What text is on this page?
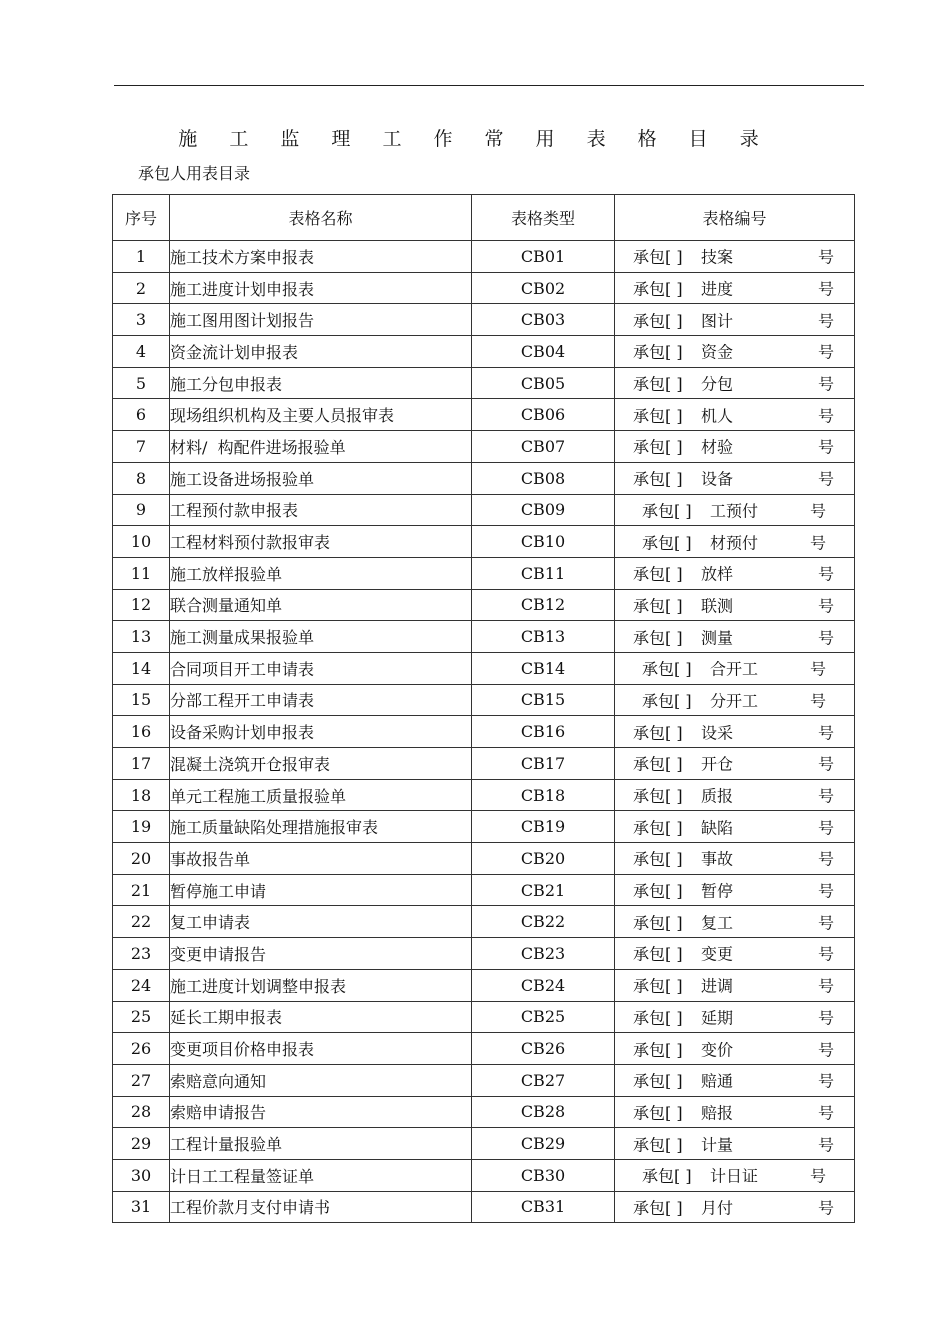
施 工 监 理 工 作 常 用 表 格 目 录
承包人用表目录
序号	表格名称	表格类型	表格编号
1	施工技术方案申报表	CB01	承包[ ] 技案 号

2	施工进度计划申报表	CB02	承包[ ] 进度 号

3	施工图用图计划报告	CB03	承包[ ] 图计 号

4	资金流计划申报表	CB04	承包[ ] 资金 号

5	施工分包申报表	CB05	承包[ ] 分包 号

6	现场组织机构及主要人员报审表	CB06	承包[ ] 机人 号

7	材料/  构配件进场报验单	CB07	承包[ ] 材验 号

8	施工设备进场报验单	CB08	承包[ ] 设备 号

9	工程预付款申报表	CB09	承包[ ] 工预付 号

10	工程材料预付款报审表	CB10	承包[ ] 材预付 号

11	施工放样报验单	CB11	承包[ ] 放样 号

12	联合测量通知单	CB12	承包[ ] 联测 号

13	施工测量成果报验单	CB13	承包[ ] 测量 号

14	合同项目开工申请表	CB14	承包[ ] 合开工 号

15	分部工程开工申请表	CB15	承包[ ] 分开工 号

16	设备采购计划申报表	CB16	承包[ ] 设采 号

17	混凝土浇筑开仓报审表	CB17	承包[ ] 开仓 号

18	单元工程施工质量报验单	CB18	承包[ ] 质报 号

19	施工质量缺陷处理措施报审表	CB19	承包[ ] 缺陷 号

20	事故报告单	CB20	承包[ ] 事故 号

21	暂停施工申请	CB21	承包[ ] 暂停 号

22	复工申请表	CB22	承包[ ] 复工 号

23	变更申请报告	CB23	承包[ ] 变更 号

24	施工进度计划调整申报表	CB24	承包[ ] 进调 号

25	延长工期申报表	CB25	承包[ ] 延期 号

26	变更项目价格申报表	CB26	承包[ ] 变价 号

27	索赔意向通知	CB27	承包[ ] 赔通 号

28	索赔申请报告	CB28	承包[ ] 赔报 号

29	工程计量报验单	CB29	承包[ ] 计量 号

30	计日工工程量签证单	CB30	承包[ ] 计日证 号

31	工程价款月支付申请书	CB31	承包[ ] 月付 号
